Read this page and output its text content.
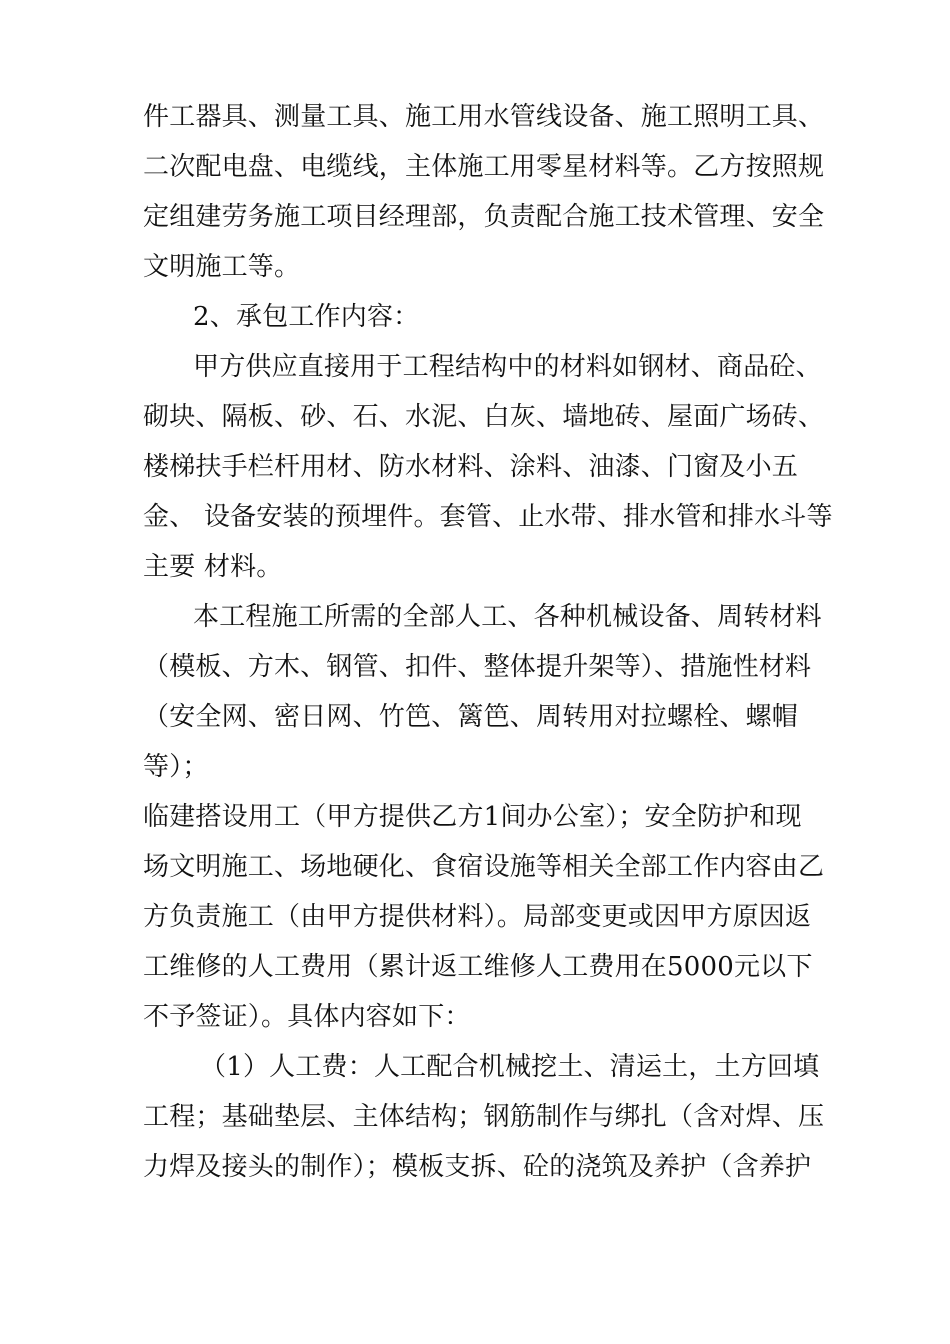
件工器具、测量工具、施工用水管线设备、施工照明工具、
二次配电盘、电缆线，主体施工用零星材料等。乙方按照规
定组建劳务施工项目经理部，负责配合施工技术管理、安全
文明施工等。
2、承包工作内容：
甲方供应直接用于工程结构中的材料如钢材、商品砼、
砌块、隔板、砂、石、水泥、白灰、墙地砖、屋面广场砖、
楼梯扶手栏杆用材、防水材料、涂料、油漆、门窗及小五
金、 设备安装的预埋件。套管、止水带、排水管和排水斗等
主要 材料。
本工程施工所需的全部人工、各种机械设备、周转材料
（模板、方木、钢管、扣件、整体提升架等）、措施性材料
（安全网、密日网、竹笆、篱笆、周转用对拉螺栓、螺帽
等）；
临建搭设用工（甲方提供乙方1间办公室）；安全防护和现
场文明施工、场地硬化、食宿设施等相关全部工作内容由乙
方负责施工（由甲方提供材料）。局部变更或因甲方原因返
工维修的人工费用（累计返工维修人工费用在5000元以下
不予签证）。具体内容如下：
（1）人工费：人工配合机械挖土、清运土，土方回填
工程；基础垫层、主体结构；钢筋制作与绑扎（含对焊、压
力焊及接头的制作）；模板支拆、砼的浇筑及养护（含养护
